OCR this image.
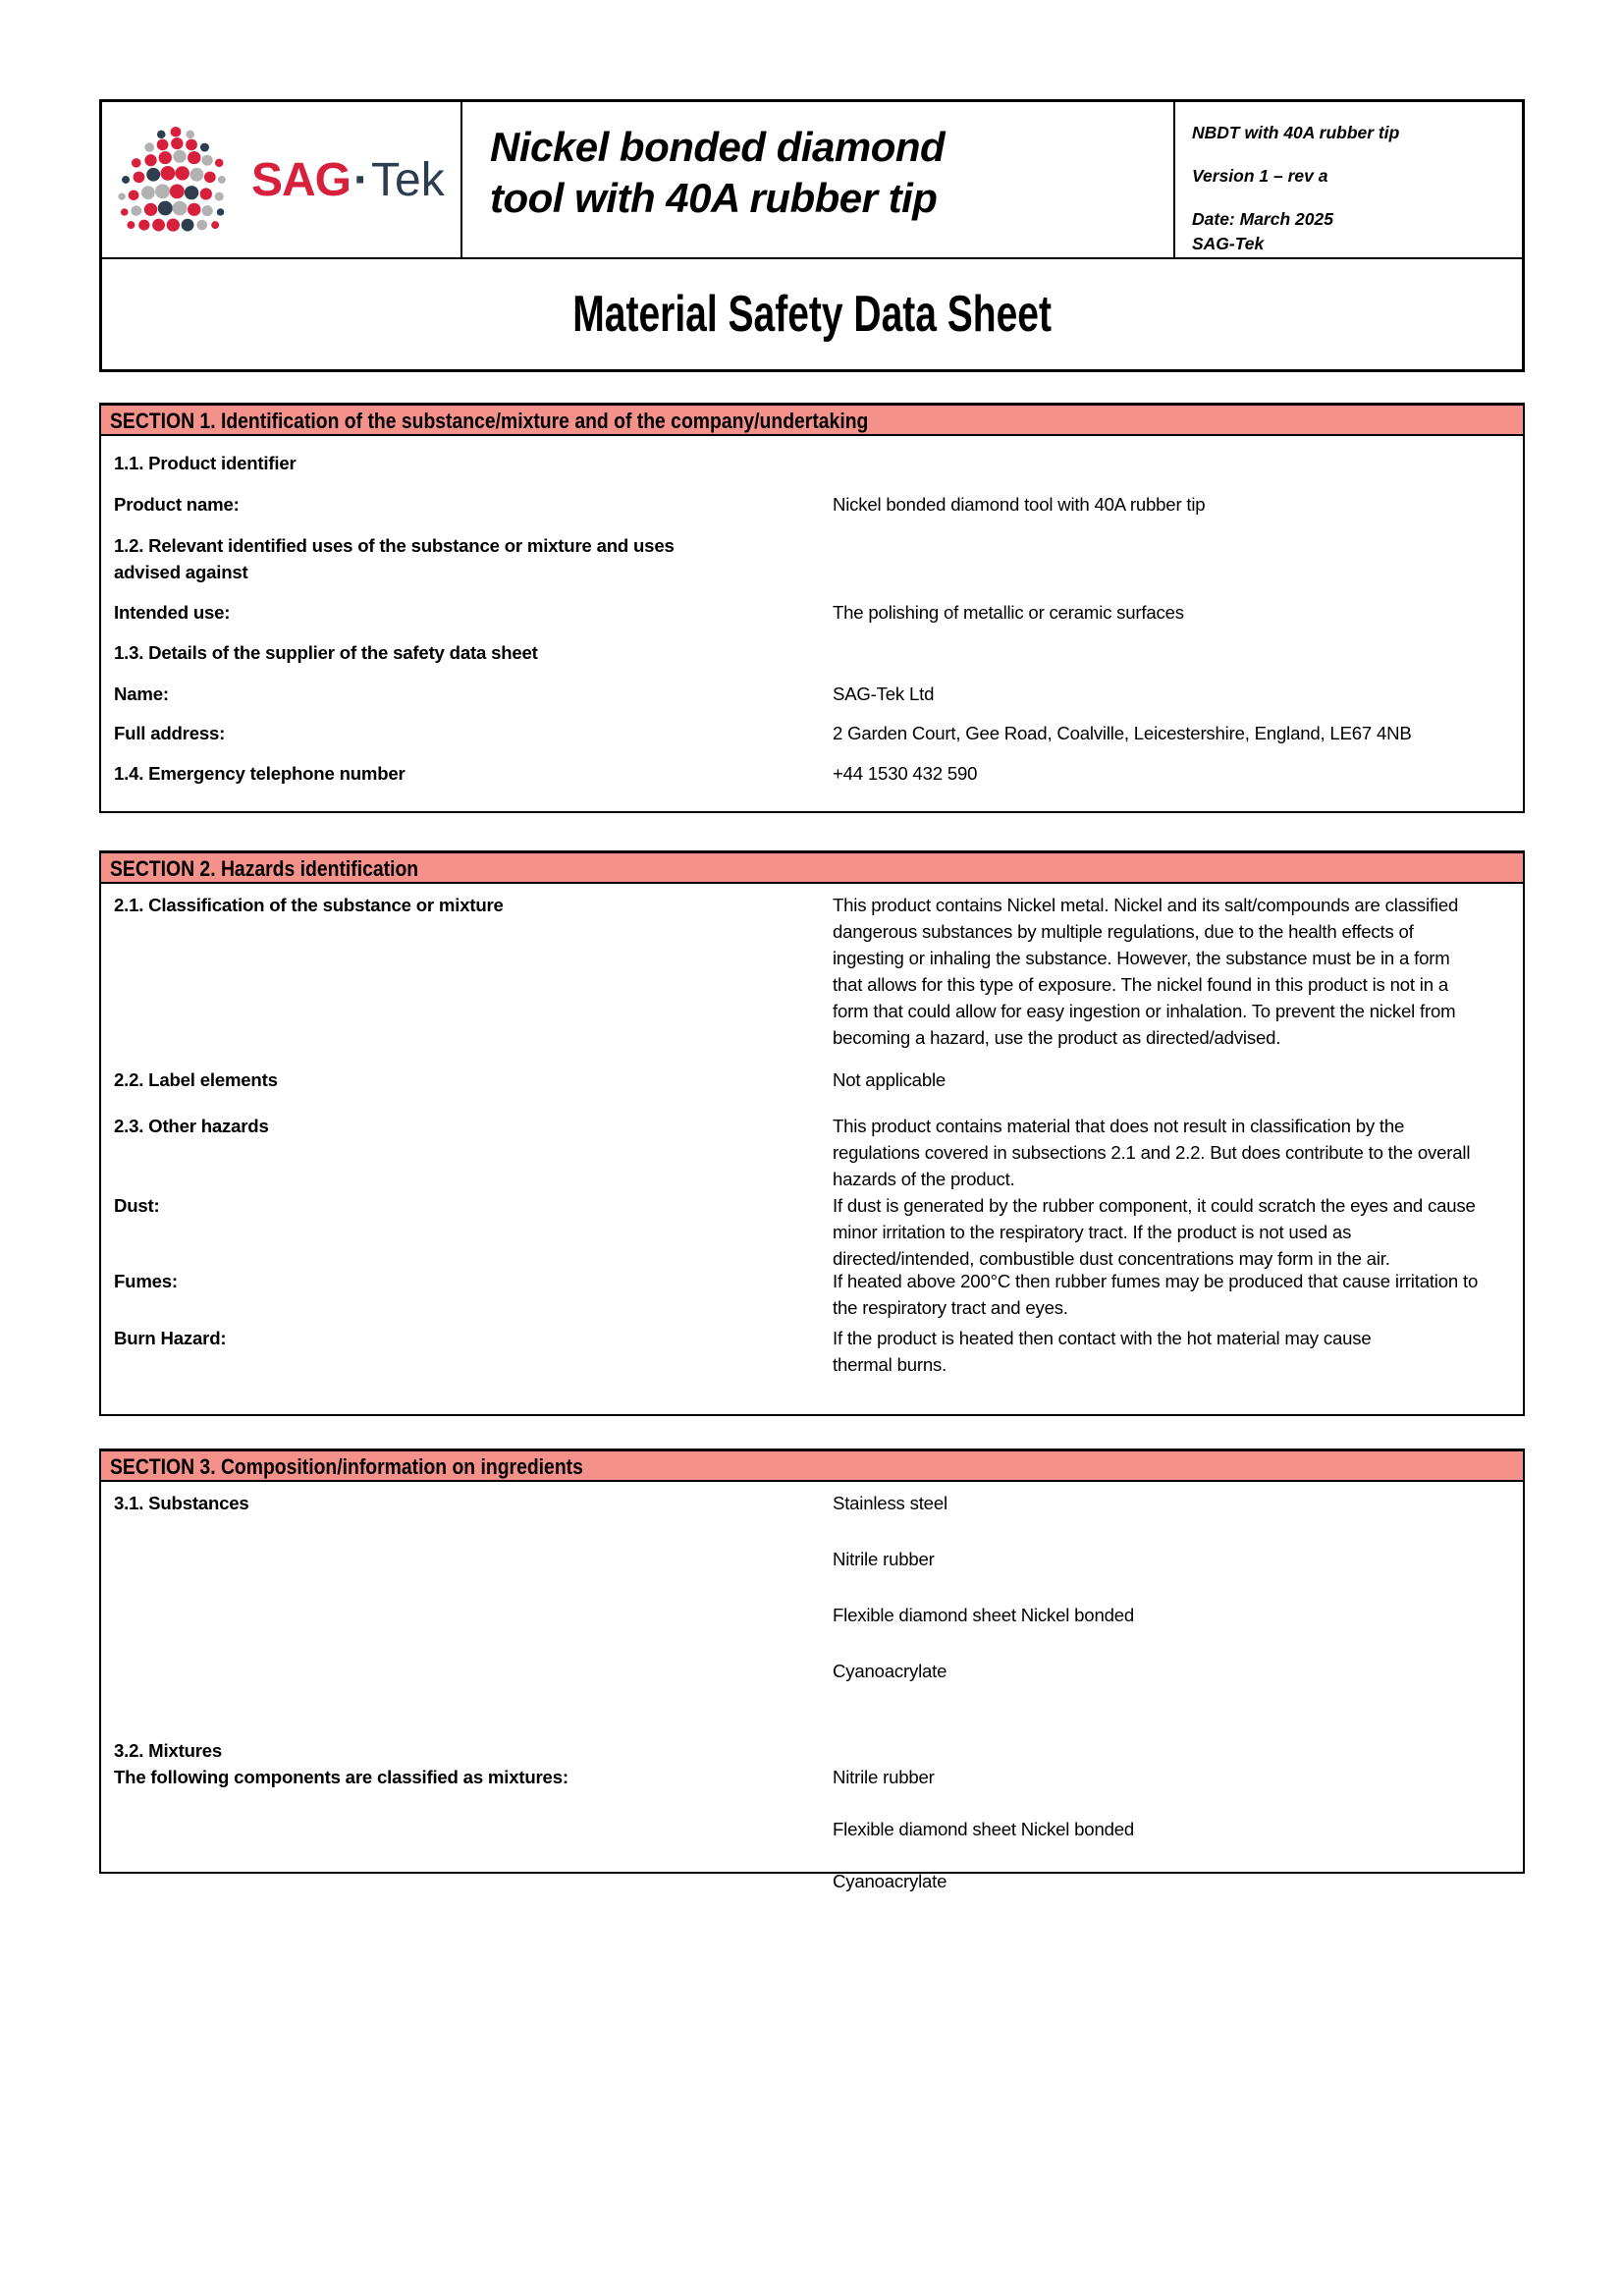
SAG·Tek
Nickel bonded diamond
tool with 40A rubber tip
NBDT with 40A rubber tip
Version 1 – rev a
Date: March 2025
SAG-Tek
Material Safety Data Sheet
SECTION 1. Identification of the substance/mixture and of the company/undertaking
1.1. Product identifier
Product name:	Nickel bonded diamond tool with 40A rubber tip
1.2. Relevant identified uses of the substance or mixture and uses advised against
Intended use:	The polishing of metallic or ceramic surfaces
1.3. Details of the supplier of the safety data sheet
Name:	SAG-Tek Ltd
Full address:	2 Garden Court, Gee Road, Coalville, Leicestershire, England, LE67 4NB
1.4. Emergency telephone number	+44 1530 432 590
SECTION 2. Hazards identification
2.1. Classification of the substance or mixture	This product contains Nickel metal. Nickel and its salt/compounds are classified dangerous substances by multiple regulations, due to the health effects of ingesting or inhaling the substance. However, the substance must be in a form that allows for this type of exposure. The nickel found in this product is not in a form that could allow for easy ingestion or inhalation. To prevent the nickel from becoming a hazard, use the product as directed/advised.
2.2. Label elements	Not applicable
2.3. Other hazards	This product contains material that does not result in classification by the regulations covered in subsections 2.1 and 2.2. But does contribute to the overall hazards of the product.
Dust:	If dust is generated by the rubber component, it could scratch the eyes and cause minor irritation to the respiratory tract. If the product is not used as directed/intended, combustible dust concentrations may form in the air.
Fumes:	If heated above 200°C then rubber fumes may be produced that cause irritation to the respiratory tract and eyes.
Burn Hazard:	If the product is heated then contact with the hot material may cause
thermal burns.
SECTION 3. Composition/information on ingredients
3.1. Substances	Stainless steel
Nitrile rubber
Flexible diamond sheet Nickel bonded
Cyanoacrylate
3.2. Mixtures
The following components are classified as mixtures:	Nitrile rubber
Flexible diamond sheet Nickel bonded
Cyanoacrylate
